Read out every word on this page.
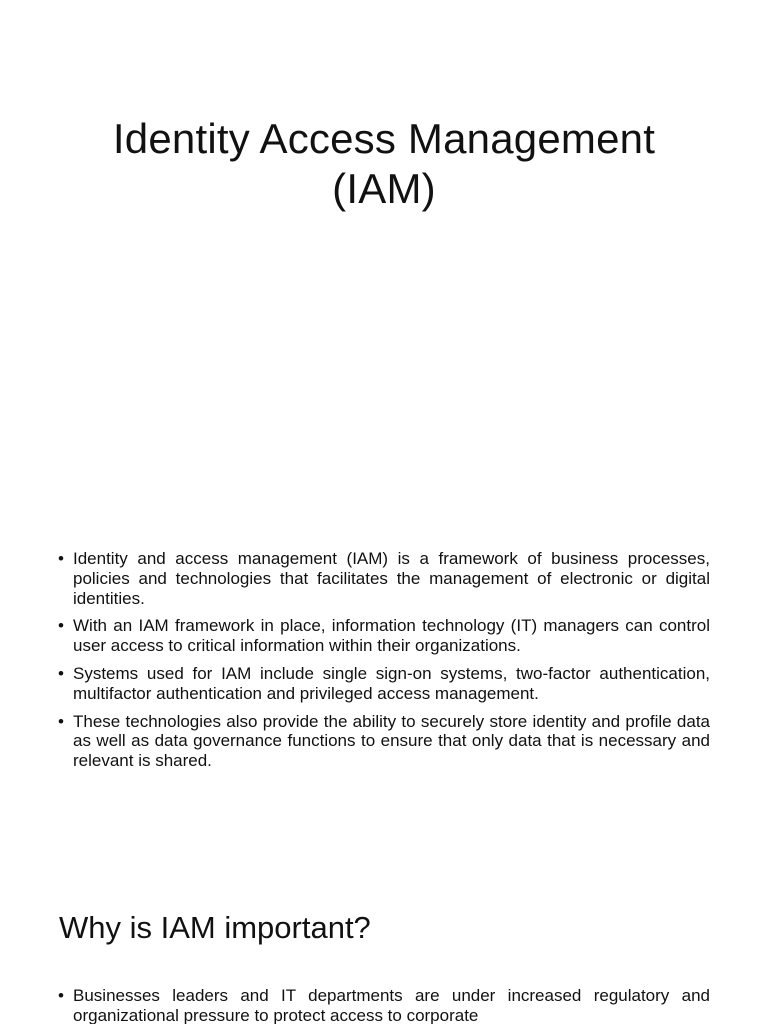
Identity Access Management
(IAM)
• Identity and access management (IAM) is a framework of business processes, policies and technologies that facilitates the management of electronic or digital identities.
• With an IAM framework in place, information technology (IT) managers can control user access to critical information within their organizations.
• Systems used for IAM include single sign-on systems, two-factor authentication, multifactor authentication and privileged access management.
• These technologies also provide the ability to securely store identity and profile data as well as data governance functions to ensure that only data that is necessary and relevant is shared.
Why is IAM important?
• Businesses leaders and IT departments are under increased regulatory and organizational pressure to protect access to corporate
